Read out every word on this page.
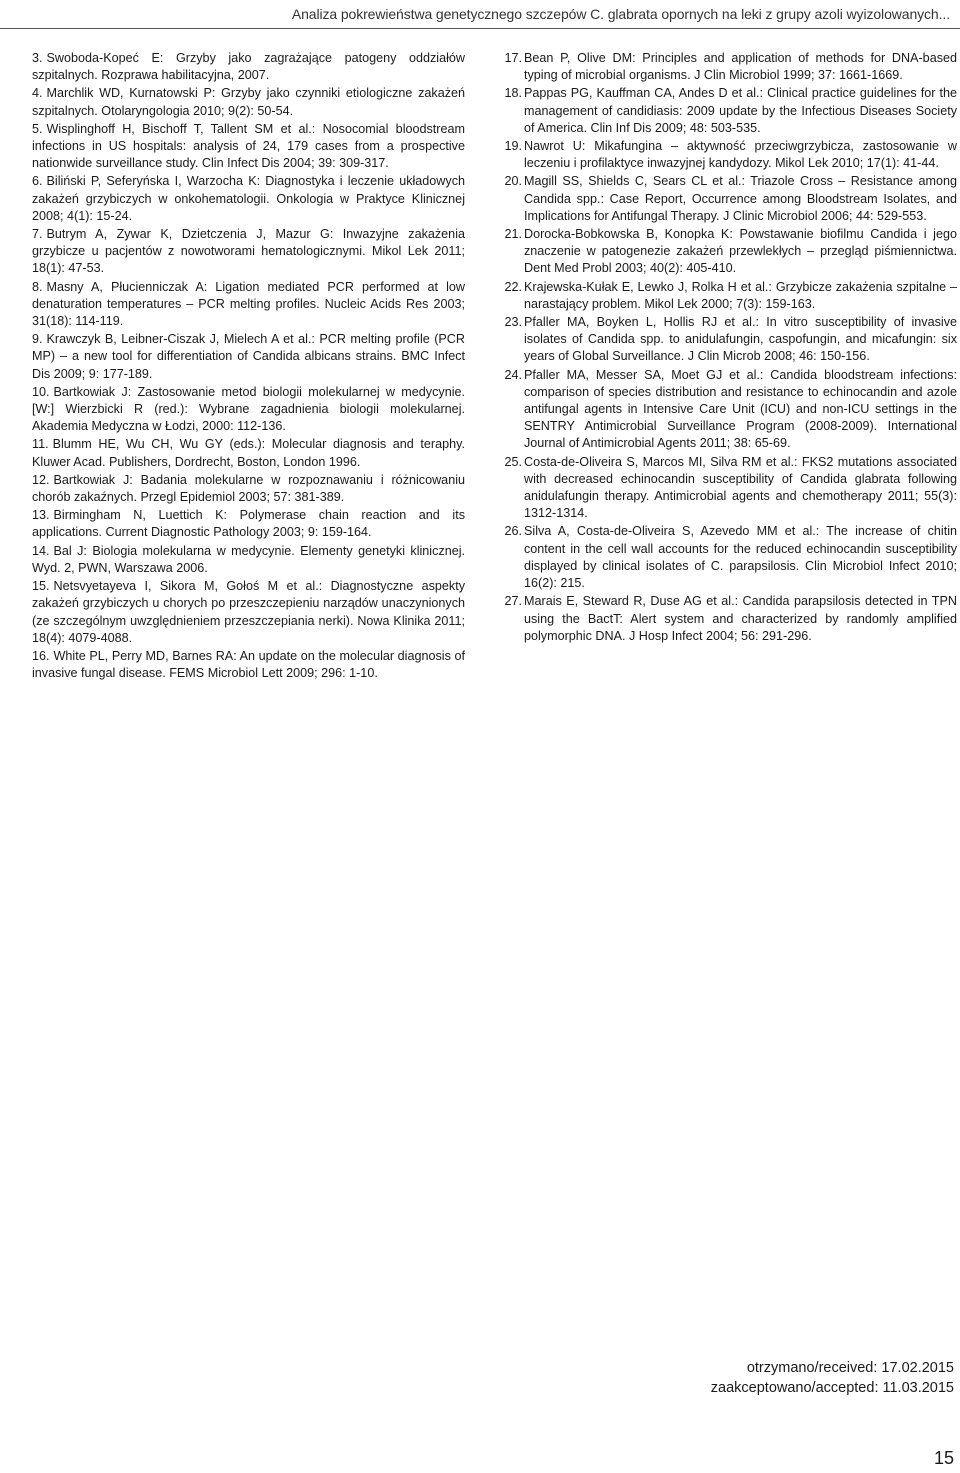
Analiza pokrewieństwa genetycznego szczepów C. glabrata opornych na leki z grupy azoli wyizolowanych...
3. Swoboda-Kopeć E: Grzyby jako zagrażające patogeny oddziałów szpitalnych. Rozprawa habilitacyjna, 2007.
4. Marchlik WD, Kurnatowski P: Grzyby jako czynniki etiologiczne zakażeń szpitalnych. Otolaryngologia 2010; 9(2): 50-54.
5. Wisplinghoff H, Bischoff T, Tallent SM et al.: Nosocomial bloodstream infections in US hospitals: analysis of 24, 179 cases from a prospective nationwide surveillance study. Clin Infect Dis 2004; 39: 309-317.
6. Biliński P, Seferyńska I, Warzocha K: Diagnostyka i leczenie układowych zakażeń grzybiczych w onkohematologii. Onkologia w Praktyce Klinicznej 2008; 4(1): 15-24.
7. Butrym A, Zywar K, Dzietczenia J, Mazur G: Inwazyjne zakażenia grzybicze u pacjentów z nowotworami hematologicznymi. Mikol Lek 2011; 18(1): 47-53.
8. Masny A, Płucienniczak A: Ligation mediated PCR performed at low denaturation temperatures – PCR melting profiles. Nucleic Acids Res 2003; 31(18): 114-119.
9. Krawczyk B, Leibner-Ciszak J, Mielech A et al.: PCR melting profile (PCR MP) – a new tool for differentiation of Candida albicans strains. BMC Infect Dis 2009; 9: 177-189.
10. Bartkowiak J: Zastosowanie metod biologii molekularnej w medycynie. [W:] Wierzbicki R (red.): Wybrane zagadnienia biologii molekularnej. Akademia Medyczna w Łodzi, 2000: 112-136.
11. Blumm HE, Wu CH, Wu GY (eds.): Molecular diagnosis and teraphy. Kluwer Acad. Publishers, Dordrecht, Boston, London 1996.
12. Bartkowiak J: Badania molekularne w rozpoznawaniu i różnicowaniu chorób zakaźnych. Przegl Epidemiol 2003; 57: 381-389.
13. Birmingham N, Luettich K: Polymerase chain reaction and its applications. Current Diagnostic Pathology 2003; 9: 159-164.
14. Bal J: Biologia molekularna w medycynie. Elementy genetyki klinicznej. Wyd. 2, PWN, Warszawa 2006.
15. Netsvyetayeva I, Sikora M, Gołoś M et al.: Diagnostyczne aspekty zakażeń grzybiczych u chorych po przeszczepieniu narządów unaczynionych (ze szczególnym uwzględnieniem przeszczepiania nerki). Nowa Klinika 2011; 18(4): 4079-4088.
16. White PL, Perry MD, Barnes RA: An update on the molecular diagnosis of invasive fungal disease. FEMS Microbiol Lett 2009; 296: 1-10.
17. Bean P, Olive DM: Principles and application of methods for DNA-based typing of microbial organisms. J Clin Microbiol 1999; 37: 1661-1669.
18. Pappas PG, Kauffman CA, Andes D et al.: Clinical practice guidelines for the management of candidiasis: 2009 update by the Infectious Diseases Society of America. Clin Inf Dis 2009; 48: 503-535.
19. Nawrot U: Mikafungina – aktywność przeciwgrzybicza, zastosowanie w leczeniu i profilaktyce inwazyjnej kandydozy. Mikol Lek 2010; 17(1): 41-44.
20. Magill SS, Shields C, Sears CL et al.: Triazole Cross – Resistance among Candida spp.: Case Report, Occurrence among Bloodstream Isolates, and Implications for Antifungal Therapy. J Clinic Microbiol 2006; 44: 529-553.
21. Dorocka-Bobkowska B, Konopka K: Powstawanie biofilmu Candida i jego znaczenie w patogenezie zakażeń przewlekłych – przegląd piśmiennictwa. Dent Med Probl 2003; 40(2): 405-410.
22. Krajewska-Kułak E, Lewko J, Rolka H et al.: Grzybicze zakażenia szpitalne – narastający problem. Mikol Lek 2000; 7(3): 159-163.
23. Pfaller MA, Boyken L, Hollis RJ et al.: In vitro susceptibility of invasive isolates of Candida spp. to anidulafungin, caspofungin, and micafungin: six years of Global Surveillance. J Clin Microb 2008; 46: 150-156.
24. Pfaller MA, Messer SA, Moet GJ et al.: Candida bloodstream infections: comparison of species distribution and resistance to echinocandin and azole antifungal agents in Intensive Care Unit (ICU) and non-ICU settings in the SENTRY Antimicrobial Surveillance Program (2008-2009). International Journal of Antimicrobial Agents 2011; 38: 65-69.
25. Costa-de-Oliveira S, Marcos MI, Silva RM et al.: FKS2 mutations associated with decreased echinocandin susceptibility of Candida glabrata following anidulafungin therapy. Antimicrobial agents and chemotherapy 2011; 55(3): 1312-1314.
26. Silva A, Costa-de-Oliveira S, Azevedo MM et al.: The increase of chitin content in the cell wall accounts for the reduced echinocandin susceptibility displayed by clinical isolates of C. parapsilosis. Clin Microbiol Infect 2010; 16(2): 215.
27. Marais E, Steward R, Duse AG et al.: Candida parapsilosis detected in TPN using the BactT: Alert system and characterized by randomly amplified polymorphic DNA. J Hosp Infect 2004; 56: 291-296.
otrzymano/received: 17.02.2015
zaakceptowano/accepted: 11.03.2015
15
